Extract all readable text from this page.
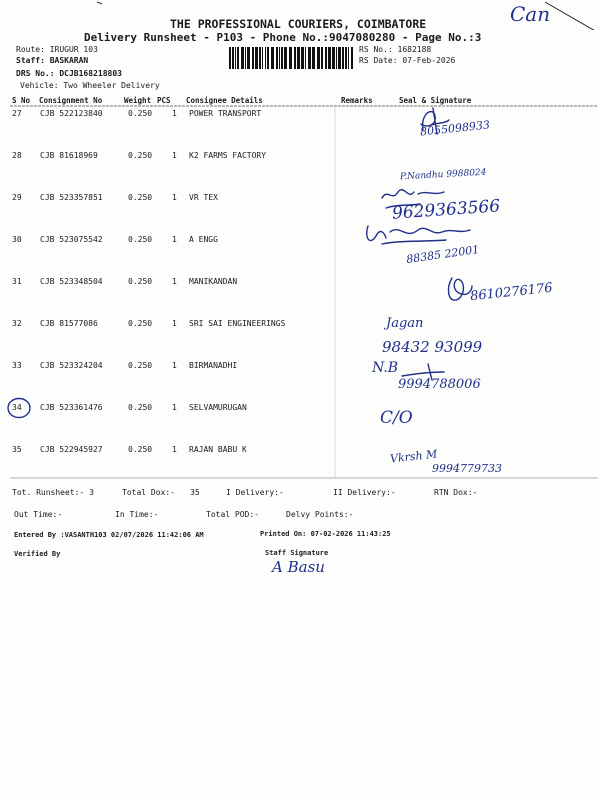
THE PROFESSIONAL COURIERS, COIMBATORE
Delivery Runsheet - P103 - Phone No.:9047080280 - Page No.:3
Can
Route: IRUGUR 103
Staff: BASKARAN
DRS No.: DCJB168218803
Vehicle: Two Wheeler Delivery
RS No.: 1682188
RS Date: 07-Feb-2026
S No Consignment No	Weight PCS Consignee Details	Remarks	Seal & Signature
27 CJB 522123840	0.250 1 POWER TRANSPORT
28 CJB 81618969	0.250 1 K2 FARMS FACTORY
29 CJB 523357851	0.250 1 VR TEX
30 CJB 523075542	0.250 1 A ENGG
31 CJB 523348504	0.250 1 MANIKANDAN
32 CJB 81577086	0.250 1 SRI SAI ENGINEERINGS
33 CJB 523324204	0.250 1 BIRMANADHI
34 CJB 523361476	0.250 1 SELVAMURUGAN
35 CJB 522945927	0.250 1 RAJAN BABU K
8055098933
P.Nandhu 9988024
9629363566
88385 22001
8610276176
Jagan
98432 93099
N.B
9994788006
C/O
Vkrsh M
9994779733
Tot. Runsheet:- 3	Total Dox:- 35	I Delivery:-	II Delivery:-	RTN Dox:-
Out Time:-	In Time:-	Total POD:-	Delvy Points:-
Entered By :VASANTH103 02/07/2026 11:42:06 AM	Printed On: 07-02-2026 11:43:25
Verified By	Staff Signature
A Basu
